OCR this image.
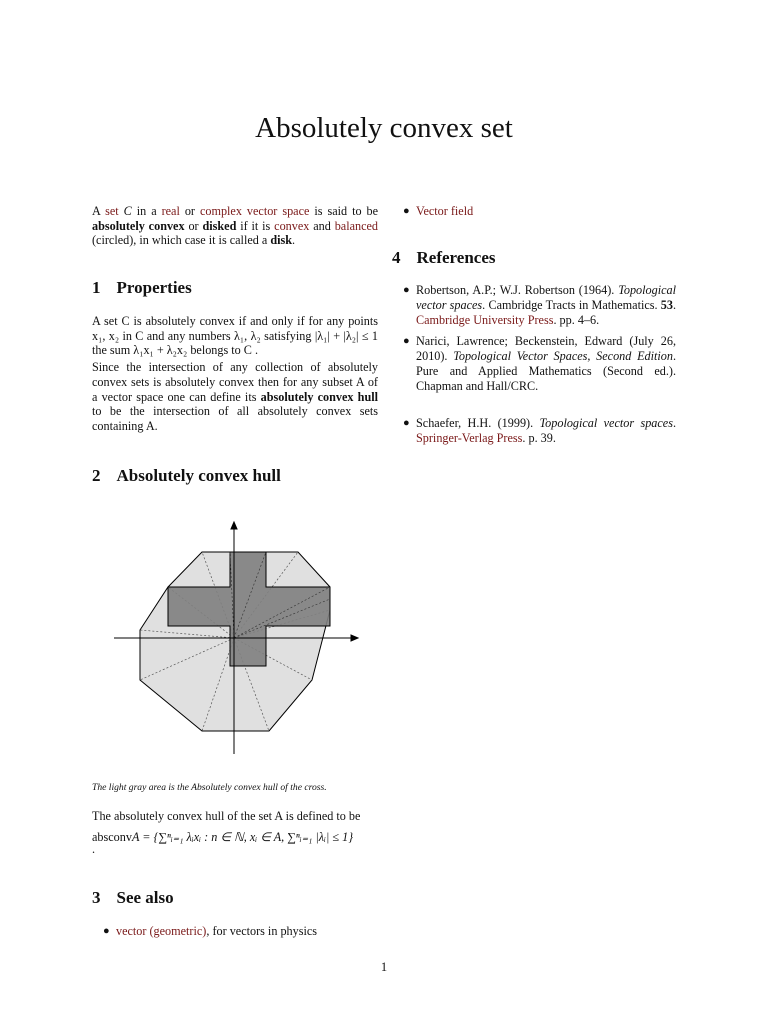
Absolutely convex set

A set C in a real or complex vector space is said to be absolutely convex or disked if it is convex and balanced (circled), in which case it is called a disk.

1 Properties

A set C is absolutely convex if and only if for any points x₁, x₂ in C and any numbers λ₁, λ₂ satisfying |λ₁| + |λ₂| ≤ 1 the sum λ₁x₁ + λ₂x₂ belongs to C .

Since the intersection of any collection of absolutely convex sets is absolutely convex then for any subset A of a vector space one can define its absolutely convex hull to be the intersection of all absolutely convex sets containing A.

2 Absolutely convex hull

The light gray area is the Absolutely convex hull of the cross.

The absolutely convex hull of the set A is defined to be

absconvA = {∑ⁿᵢ₌₁ λᵢxᵢ : n ∈ ℕ, xᵢ ∈ A, ∑ⁿᵢ₌₁ |λᵢ| ≤ 1}

.

3 See also
● vector (geometric), for vectors in physics
● Vector field
4 References
● Robertson, A.P.; W.J. Robertson (1964). Topological vector spaces. Cambridge Tracts in Mathematics. 53. Cambridge University Press. pp. 4–6.
● Narici, Lawrence; Beckenstein, Edward (July 26, 2010). Topological Vector Spaces, Second Edition. Pure and Applied Mathematics (Second ed.). Chapman and Hall/CRC.
● Schaefer, H.H. (1999). Topological vector spaces. Springer-Verlag Press. p. 39.
1
